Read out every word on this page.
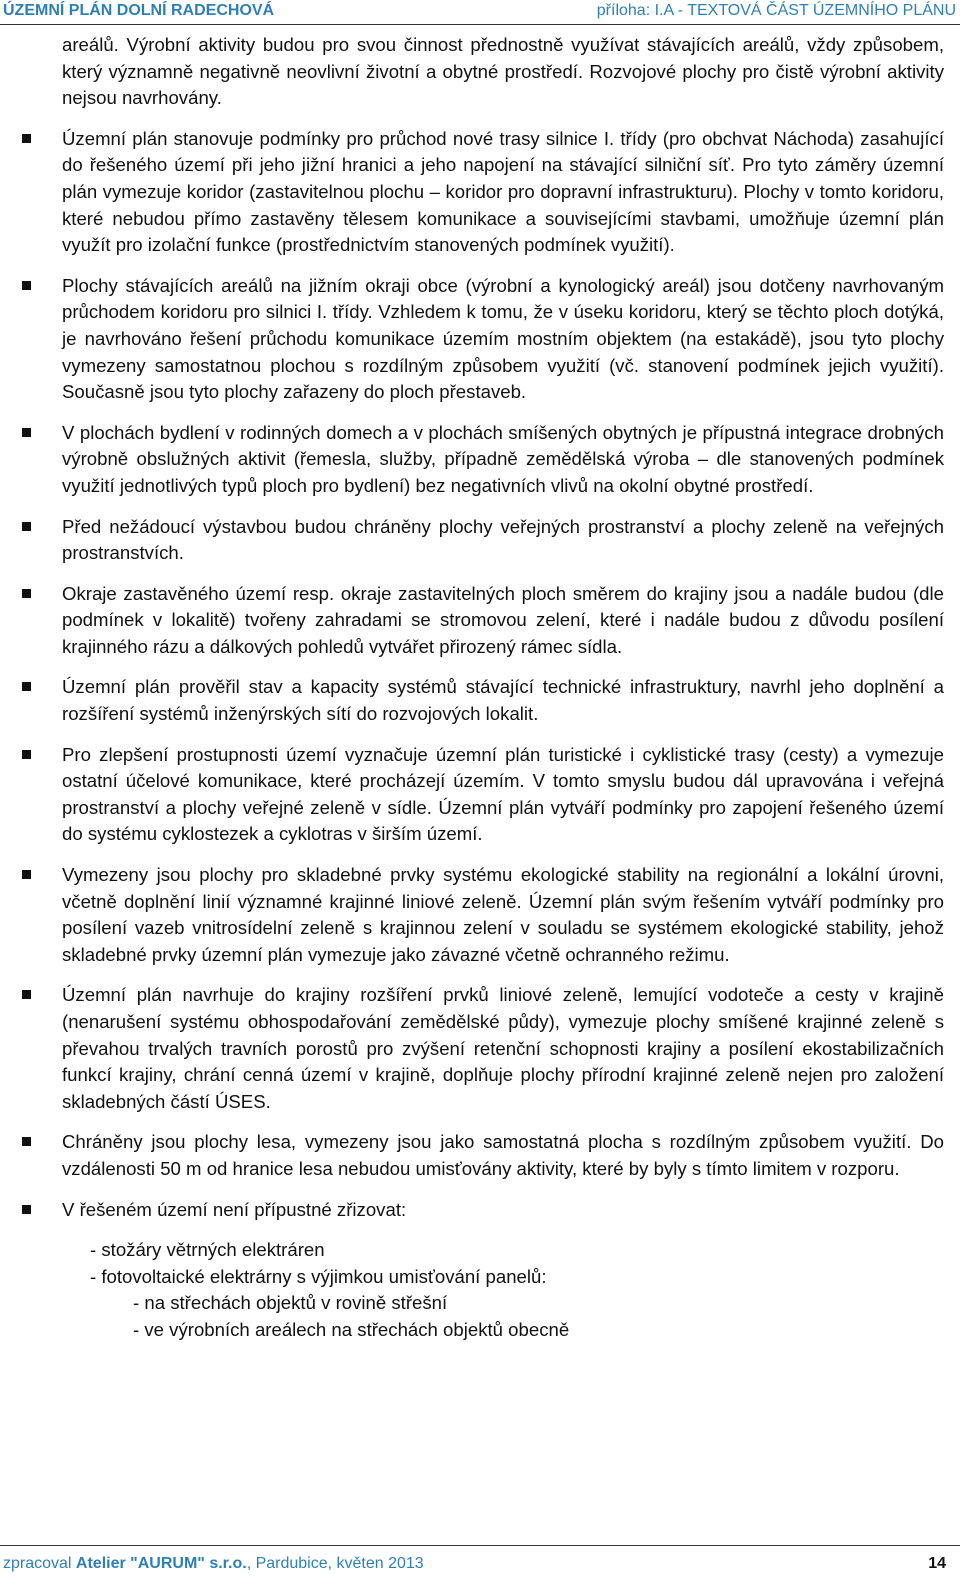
ÚZEMNÍ PLÁN DOLNÍ RADECHOVÁ	příloha: I.A - TEXTOVÁ ČÁST ÚZEMNÍHO PLÁNU

areálů. Výrobní aktivity budou pro svou činnost přednostně využívat stávajících areálů, vždy způsobem, který významně negativně neovlivní životní a obytné prostředí. Rozvojové plochy pro čistě výrobní aktivity nejsou navrhovány.

Územní plán stanovuje podmínky pro průchod nové trasy silnice I. třídy (pro obchvat Náchoda) zasahující do řešeného území při jeho jižní hranici a jeho napojení na stávající silniční síť. Pro tyto záměry územní plán vymezuje koridor (zastavitelnou plochu – koridor pro dopravní infrastrukturu). Plochy v tomto koridoru, které nebudou přímo zastavěny tělesem komunikace a souvisejícími stavbami, umožňuje územní plán využít pro izolační funkce (prostřednictvím stanovených podmínek využití).
Plochy stávajících areálů na jižním okraji obce (výrobní a kynologický areál) jsou dotčeny navrhovaným průchodem koridoru pro silnici I. třídy. Vzhledem k tomu, že v úseku koridoru, který se těchto ploch dotýká, je navrhováno řešení průchodu komunikace územím mostním objektem (na estakádě), jsou tyto plochy vymezeny samostatnou plochou s rozdílným způsobem využití (vč. stanovení podmínek jejich využití). Současně jsou tyto plochy zařazeny do ploch přestaveb.
V plochách bydlení v rodinných domech a v plochách smíšených obytných je přípustná integrace drobných výrobně obslužných aktivit (řemesla, služby, případně zemědělská výroba – dle stanovených podmínek využití jednotlivých typů ploch pro bydlení) bez negativních vlivů na okolní obytné prostředí.
Před nežádoucí výstavbou budou chráněny plochy veřejných prostranství a plochy zeleně na veřejných prostranstvích.
Okraje zastavěného území resp. okraje zastavitelných ploch směrem do krajiny jsou a nadále budou (dle podmínek v lokalitě) tvořeny zahradami se stromovou zelení, které i nadále budou z důvodu posílení krajinného rázu a dálkových pohledů vytvářet přirozený rámec sídla.
Územní plán prověřil stav a kapacity systémů stávající technické infrastruktury, navrhl jeho doplnění a rozšíření systémů inženýrských sítí do rozvojových lokalit.
Pro zlepšení prostupnosti území vyznačuje územní plán turistické i cyklistické trasy (cesty) a vymezuje ostatní účelové komunikace, které procházejí územím. V tomto smyslu budou dál upravována i veřejná prostranství a plochy veřejné zeleně v sídle. Územní plán vytváří podmínky pro zapojení řešeného území do systému cyklostezek a cyklotras v širším území.
Vymezeny jsou plochy pro skladebné prvky systému ekologické stability na regionální a lokální úrovni, včetně doplnění linií významné krajinné liniové zeleně. Územní plán svým řešením vytváří podmínky pro posílení vazeb vnitrosídelní zeleně s krajinnou zelení v souladu se systémem ekologické stability, jehož skladebné prvky územní plán vymezuje jako závazné včetně ochranného režimu.
Územní plán navrhuje do krajiny rozšíření prvků liniové zeleně, lemující vodoteče a cesty v krajině (nenarušení systému obhospodařování zemědělské půdy), vymezuje plochy smíšené krajinné zeleně s převahou trvalých travních porostů pro zvýšení retenční schopnosti krajiny a posílení ekostabilizačních funkcí krajiny, chrání cenná území v krajině, doplňuje plochy přírodní krajinné zeleně nejen pro založení skladebných částí ÚSES.
Chráněny jsou plochy lesa, vymezeny jsou jako samostatná plocha s rozdílným způsobem využití. Do vzdálenosti 50 m od hranice lesa nebudou umisťovány aktivity, které by byly s tímto limitem v rozporu.
V řešeném území není přípustné zřizovat:
- stožáry větrných elektráren
- fotovoltaické elektrárny s výjimkou umisťování panelů:
- na střechách objektů v rovině střešní
- ve výrobních areálech na střechách objektů obecně
zpracoval Atelier "AURUM" s.r.o., Pardubice, květen 2013	14
